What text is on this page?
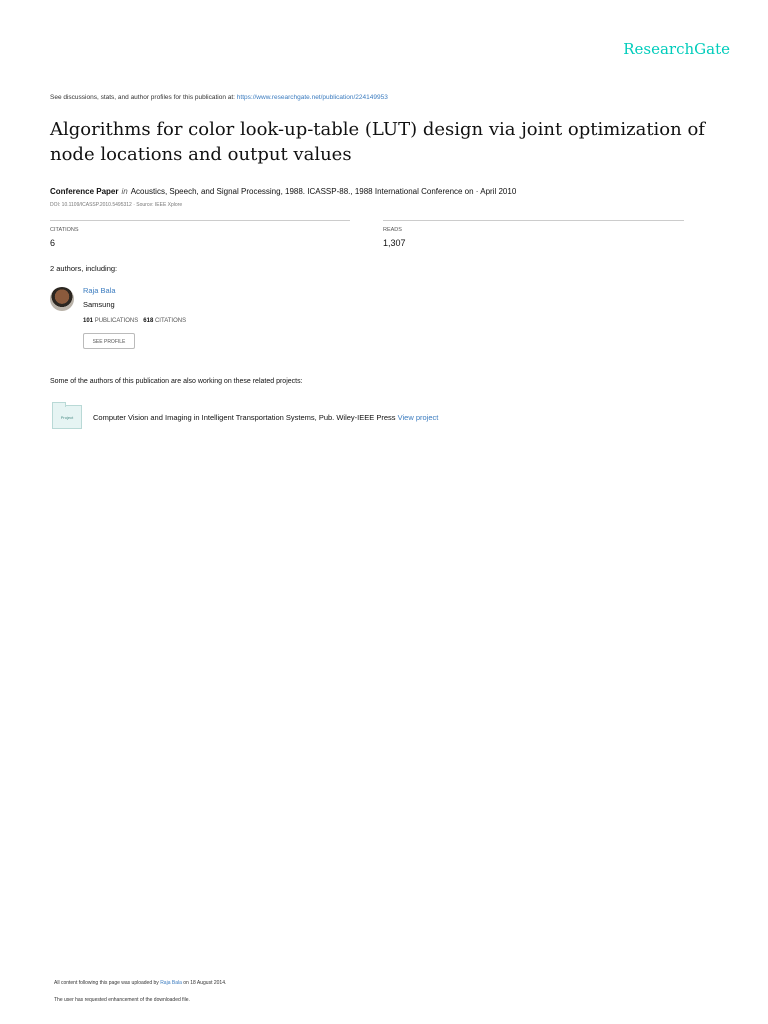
ResearchGate
See discussions, stats, and author profiles for this publication at: https://www.researchgate.net/publication/224149953
Algorithms for color look-up-table (LUT) design via joint optimization of node locations and output values
Conference Paper in Acoustics, Speech, and Signal Processing, 1988. ICASSP-88., 1988 International Conference on · April 2010
DOI: 10.1109/ICASSP.2010.5495312 · Source: IEEE Xplore
CITATIONS
6
READS
1,307
2 authors, including:
Raja Bala
Samsung
101 PUBLICATIONS 618 CITATIONS
SEE PROFILE
Some of the authors of this publication are also working on these related projects:
Project	Computer Vision and Imaging in Intelligent Transportation Systems, Pub. Wiley-IEEE Press View project
All content following this page was uploaded by Raja Bala on 18 August 2014.
The user has requested enhancement of the downloaded file.
